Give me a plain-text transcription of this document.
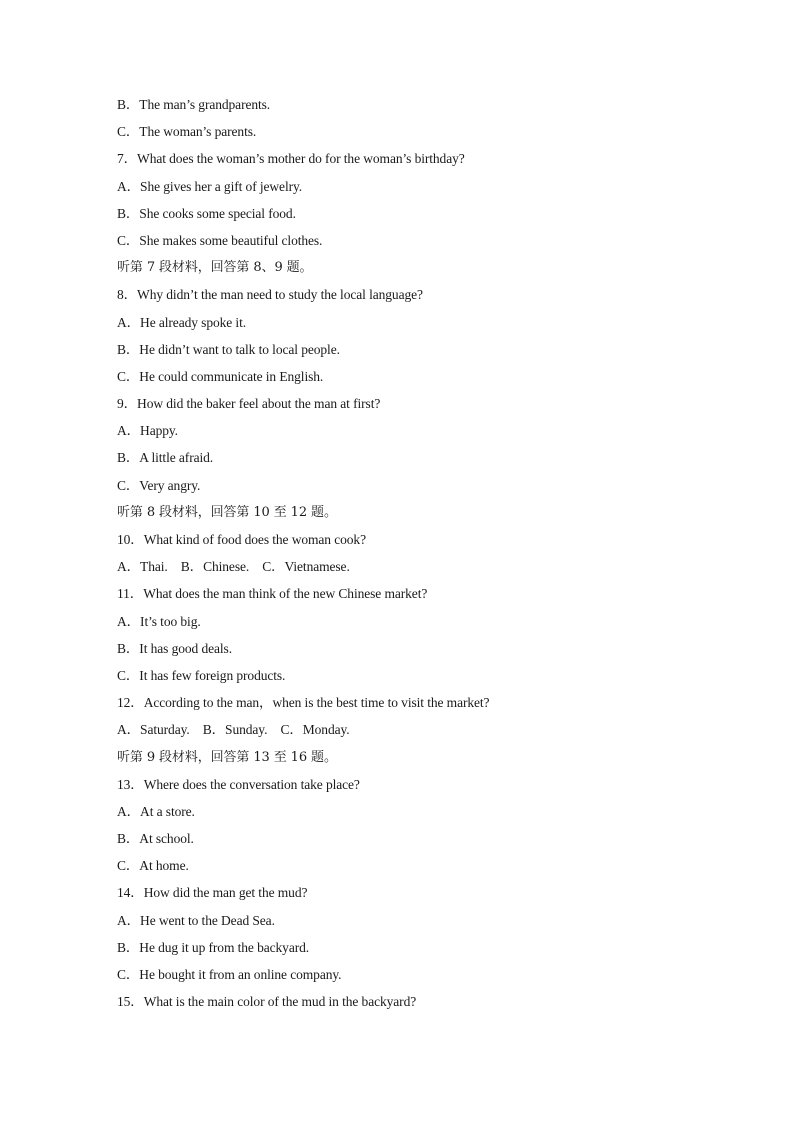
B．The man’s grandparents.
C．The woman’s parents.
7．What does the woman’s mother do for the woman’s birthday?
A．She gives her a gift of jewelry.
B．She cooks some special food.
C．She makes some beautiful clothes.
听第 7 段材料，回答第 8、9 题。
8．Why didn’t the man need to study the local language?
A．He already spoke it.
B．He didn’t want to talk to local people.
C．He could communicate in English.
9．How did the baker feel about the man at first?
A．Happy.
B．A little afraid.
C．Very angry.
听第 8 段材料，回答第 10 至 12 题。
10．What kind of food does the woman cook?
A．Thai.    B．Chinese.    C．Vietnamese.
11．What does the man think of the new Chinese market?
A．It’s too big.
B．It has good deals.
C．It has few foreign products.
12．According to the man，when is the best time to visit the market?
A．Saturday.    B．Sunday.    C．Monday.
听第 9 段材料，回答第 13 至 16 题。
13．Where does the conversation take place?
A．At a store.
B．At school.
C．At home.
14．How did the man get the mud?
A．He went to the Dead Sea.
B．He dug it up from the backyard.
C．He bought it from an online company.
15．What is the main color of the mud in the backyard?
